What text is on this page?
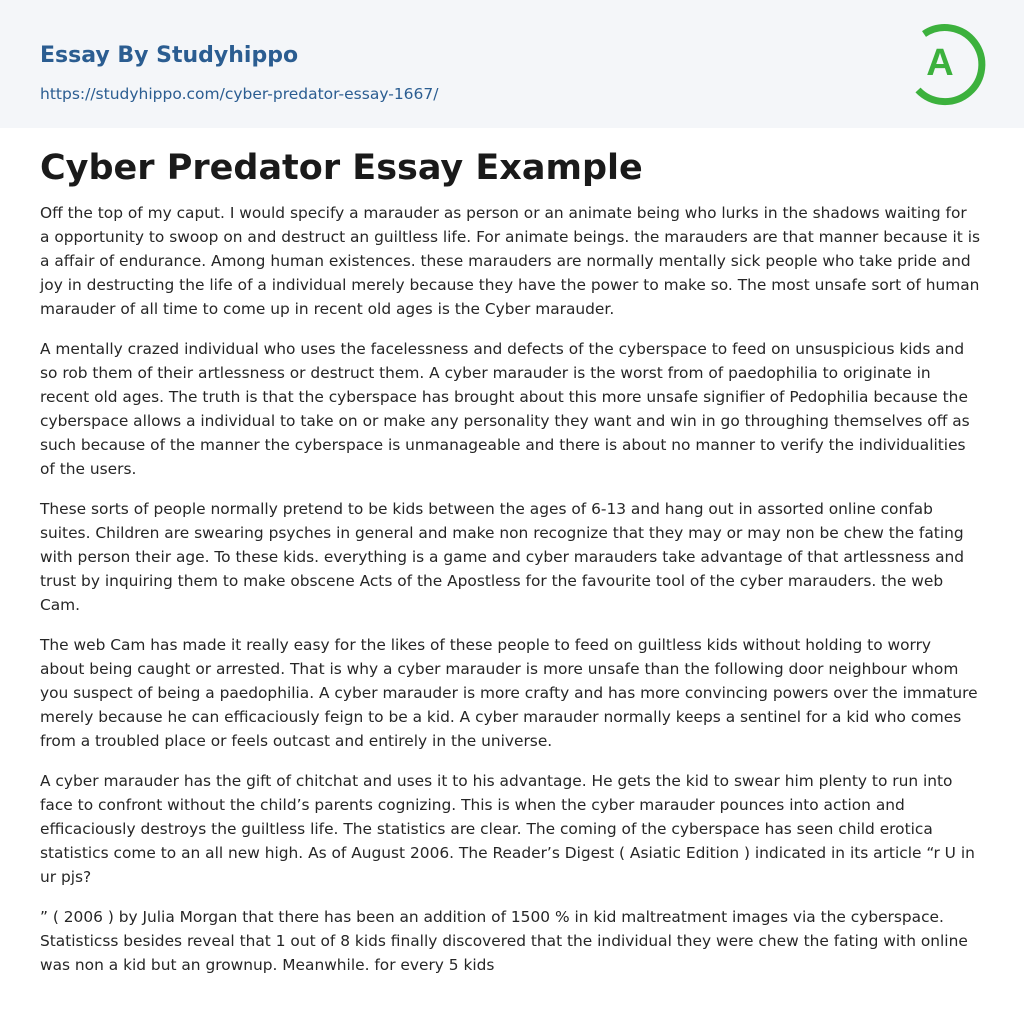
Essay By Studyhippo
https://studyhippo.com/cyber-predator-essay-1667/
A
Cyber Predator Essay Example

Off the top of my caput. I would specify a marauder as person or an animate being who lurks in the shadows waiting for a opportunity to swoop on and destruct an guiltless life. For animate beings. the marauders are that manner because it is a affair of endurance. Among human existences. these marauders are normally mentally sick people who take pride and joy in destructing the life of a individual merely because they have the power to make so. The most unsafe sort of human marauder of all time to come up in recent old ages is the Cyber marauder.

A mentally crazed individual who uses the facelessness and defects of the cyberspace to feed on unsuspicious kids and so rob them of their artlessness or destruct them. A cyber marauder is the worst from of paedophilia to originate in recent old ages. The truth is that the cyberspace has brought about this more unsafe signifier of Pedophilia because the cyberspace allows a individual to take on or make any personality they want and win in go throughing themselves off as such because of the manner the cyberspace is unmanageable and there is about no manner to verify the individualities of the users.

These sorts of people normally pretend to be kids between the ages of 6-13 and hang out in assorted online confab suites. Children are swearing psyches in general and make non recognize that they may or may non be chew the fating with person their age. To these kids. everything is a game and cyber marauders take advantage of that artlessness and trust by inquiring them to make obscene Acts of the Apostless for the favourite tool of the cyber marauders. the web Cam.

The web Cam has made it really easy for the likes of these people to feed on guiltless kids without holding to worry about being caught or arrested. That is why a cyber marauder is more unsafe than the following door neighbour whom you suspect of being a paedophilia. A cyber marauder is more crafty and has more convincing powers over the immature merely because he can efficaciously feign to be a kid. A cyber marauder normally keeps a sentinel for a kid who comes from a troubled place or feels outcast and entirely in the universe.

A cyber marauder has the gift of chitchat and uses it to his advantage. He gets the kid to swear him plenty to run into face to confront without the child’s parents cognizing. This is when the cyber marauder pounces into action and efficaciously destroys the guiltless life. The statistics are clear. The coming of the cyberspace has seen child erotica statistics come to an all new high. As of August 2006. The Reader’s Digest ( Asiatic Edition ) indicated in its article “r U in ur pjs?

” ( 2006 ) by Julia Morgan that there has been an addition of 1500 % in kid maltreatment images via the cyberspace. Statisticss besides reveal that 1 out of 8 kids finally discovered that the individual they were chew the fating with online was non a kid but an grownup. Meanwhile. for every 5 kids
